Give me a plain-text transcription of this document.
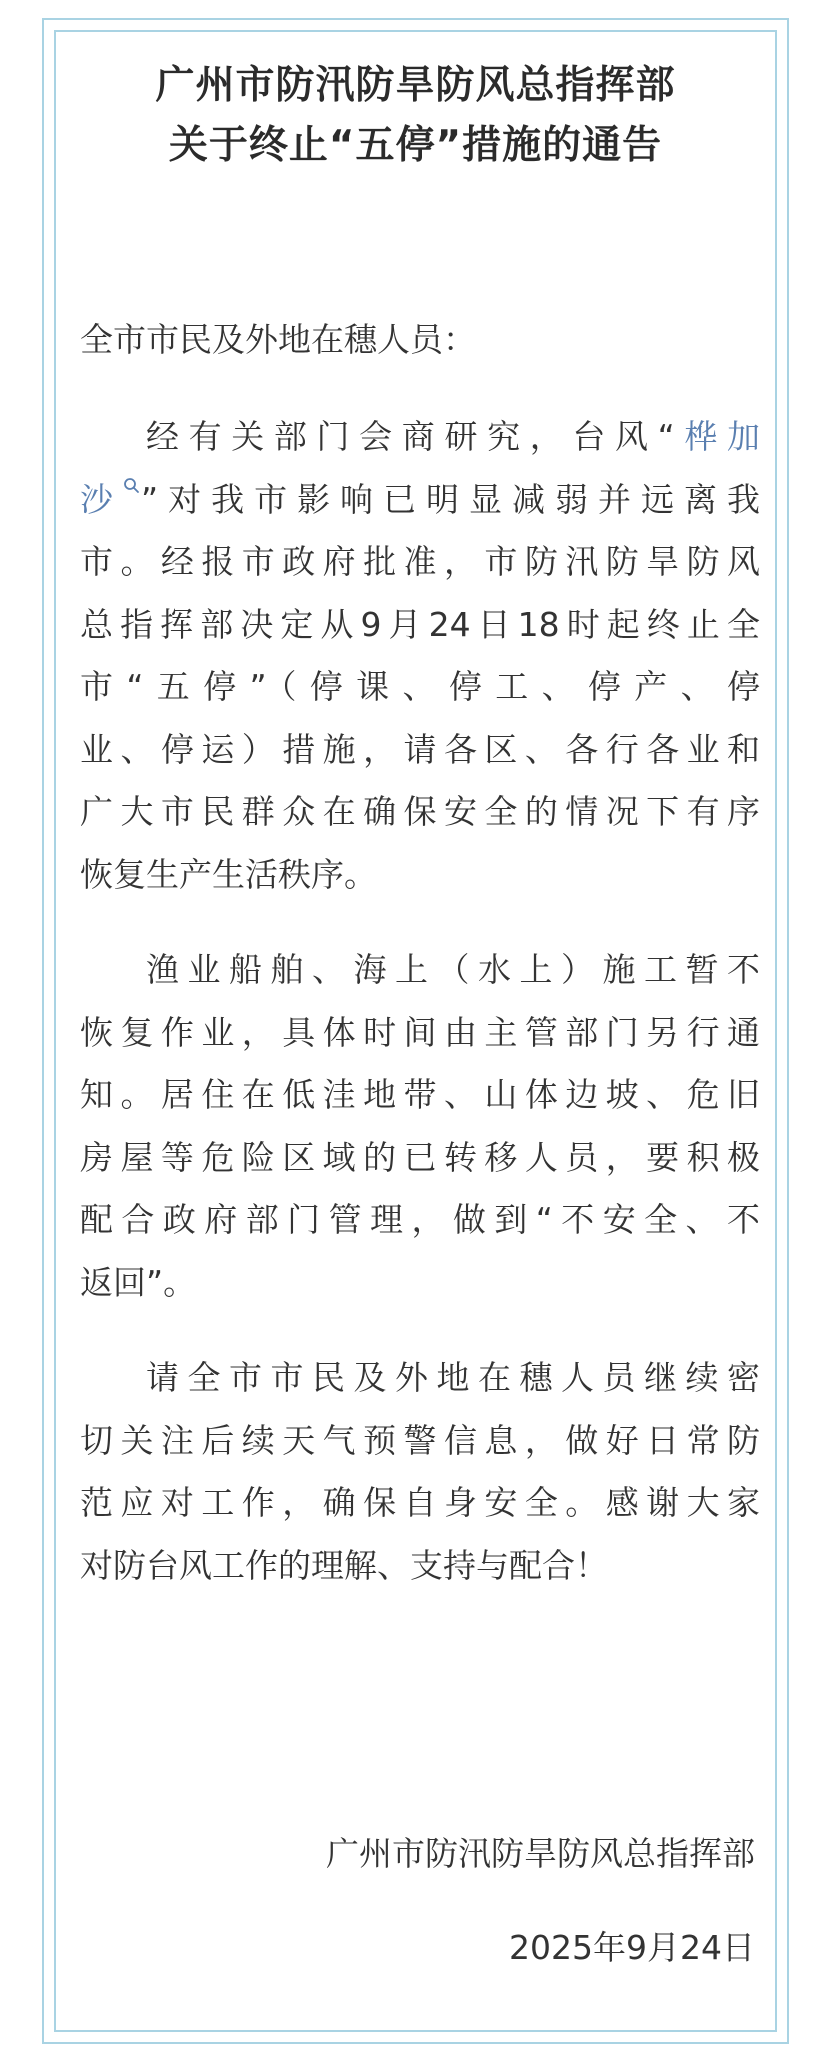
广州市防汛防旱防风总指挥部
关于终止“五停”措施的通告
全市市民及外地在穗人员：
经有关部门会商研究，台风“桦加
沙 ”对我市影响已明显减弱并远离我
市。经报市政府批准，市防汛防旱防风
总指挥部决定从9月24日18时起终止全
市“五停”（停课、停工、停产、停
业、停运）措施，请各区、各行各业和
广大市民群众在确保安全的情况下有序
恢复生产生活秩序。
渔业船舶、海上（水上）施工暂不
恢复作业，具体时间由主管部门另行通
知。居住在低洼地带、山体边坡、危旧
房屋等危险区域的已转移人员，要积极
配合政府部门管理，做到“不安全、不
返回”。
请全市市民及外地在穗人员继续密
切关注后续天气预警信息，做好日常防
范应对工作，确保自身安全。感谢大家
对防台风工作的理解、支持与配合！
广州市防汛防旱防风总指挥部
2025年9月24日
